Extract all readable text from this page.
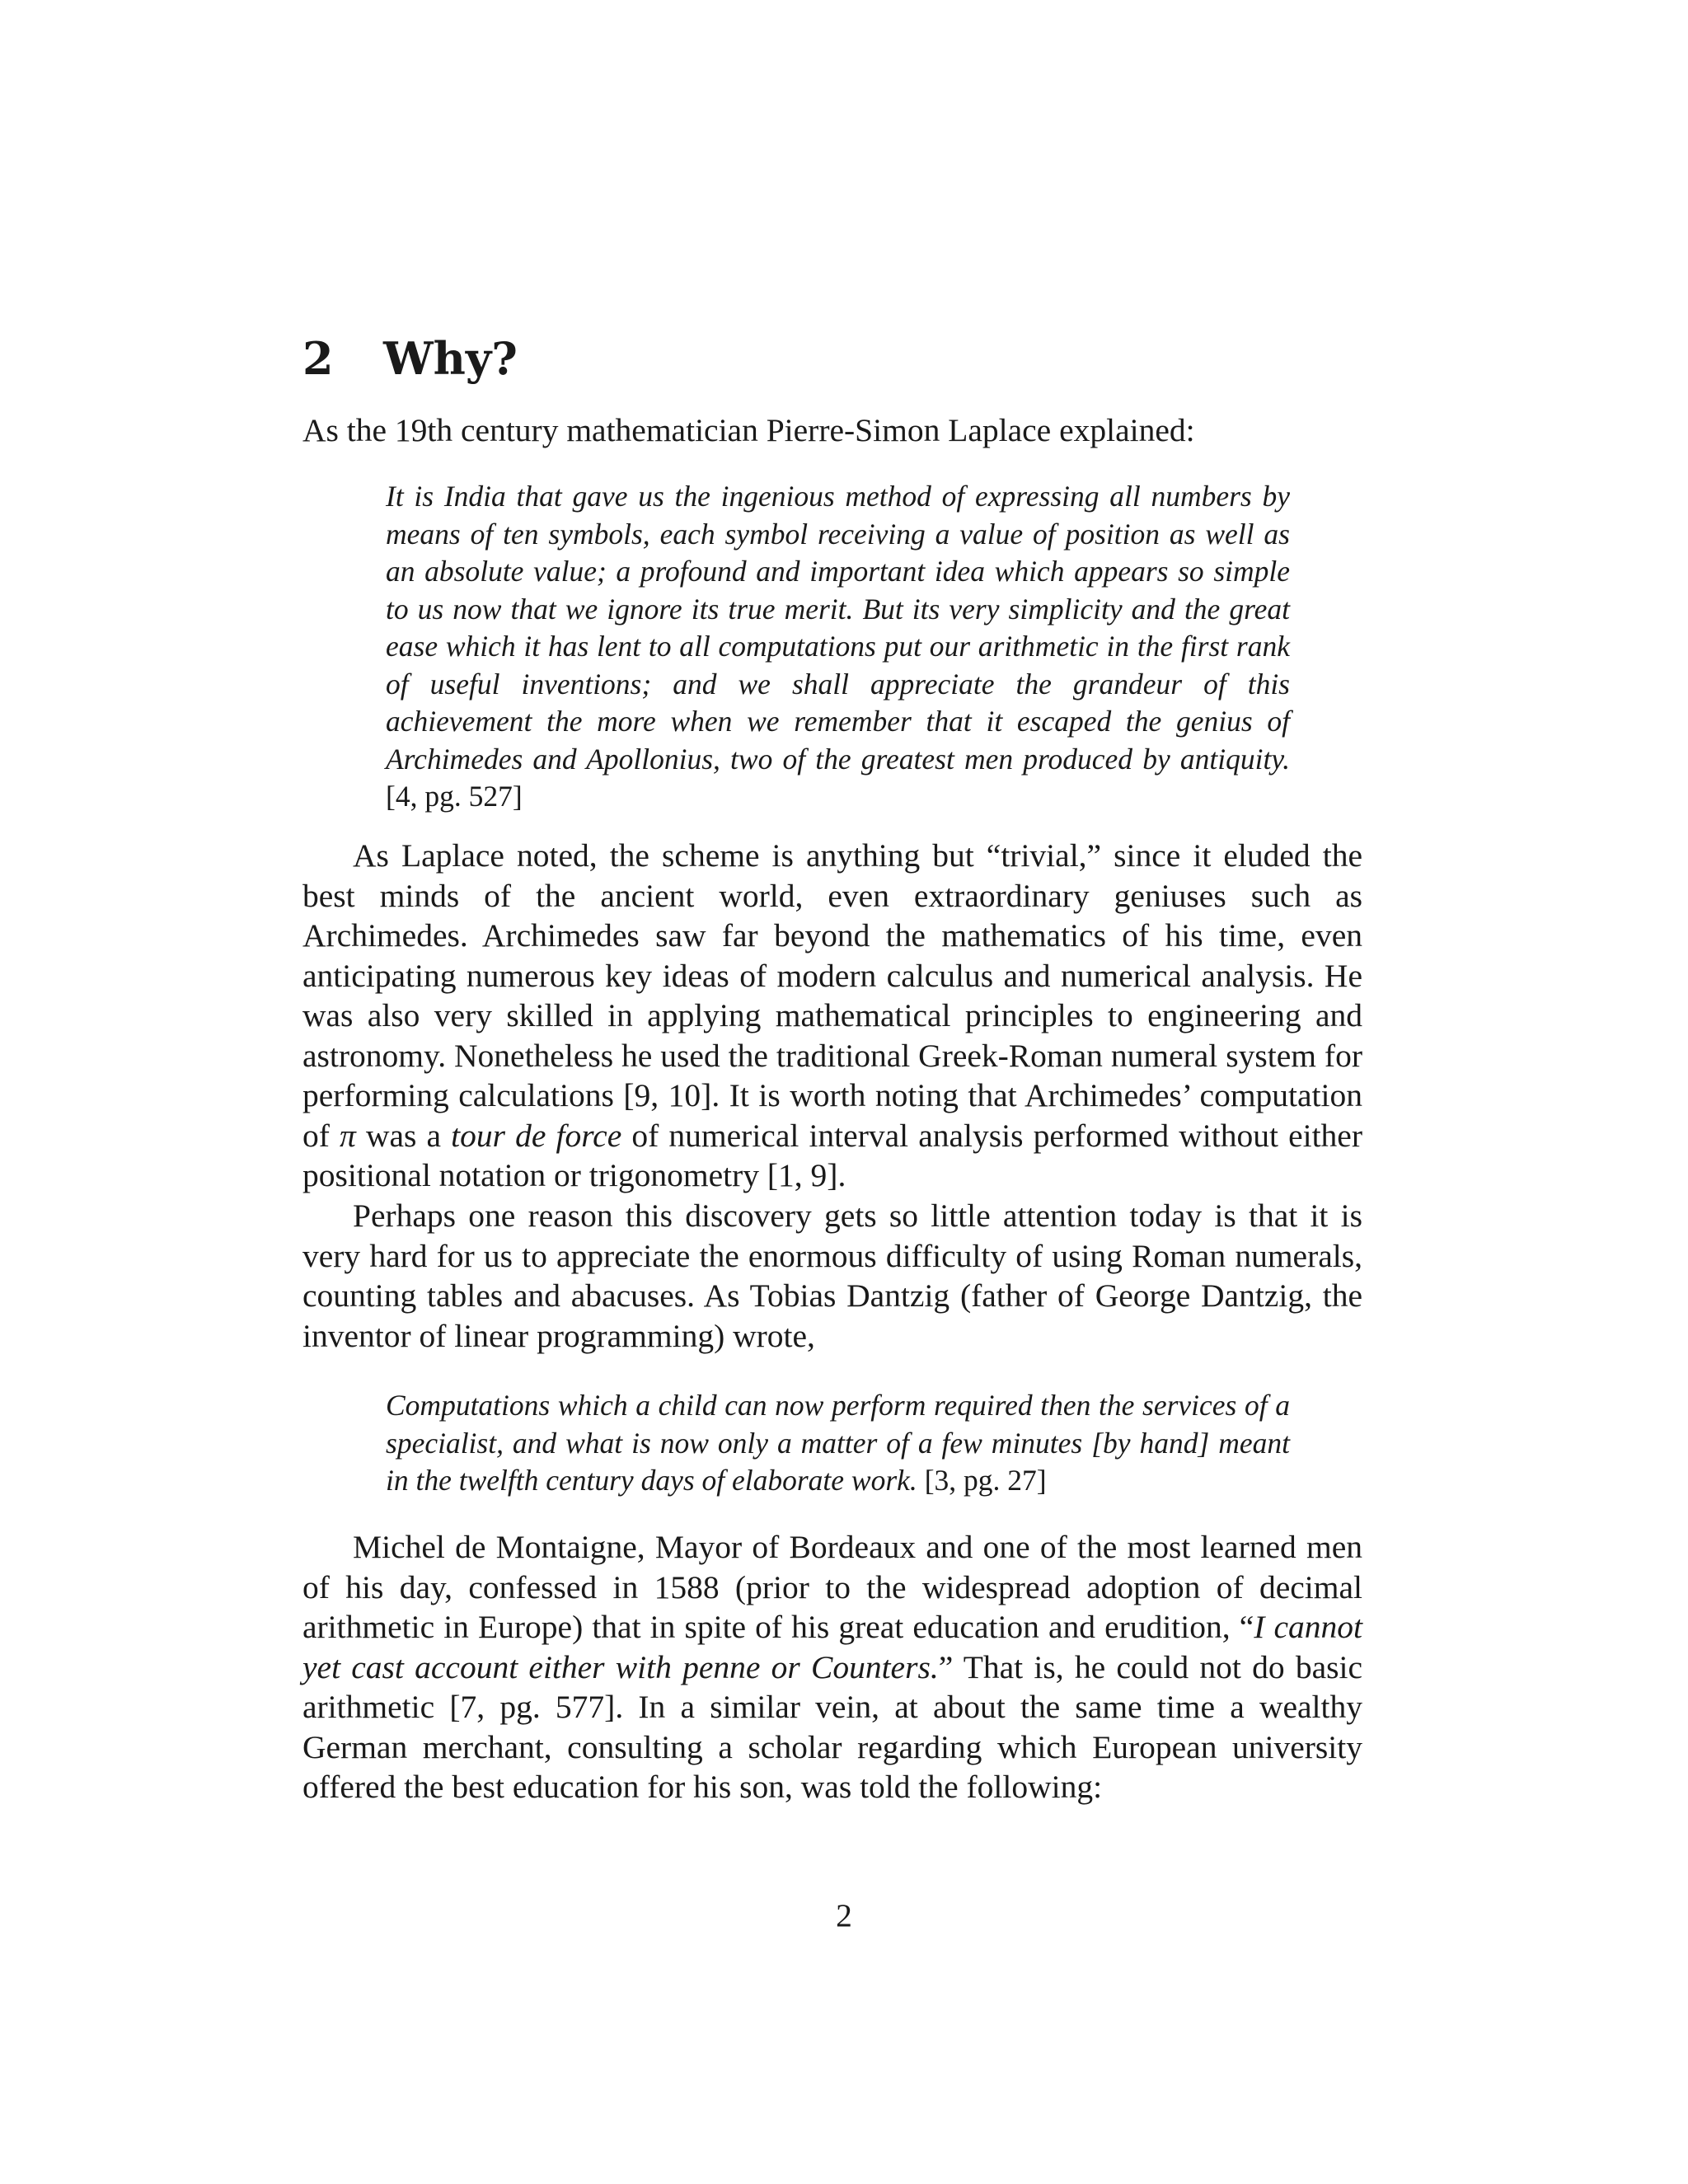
2 Why?

As the 19th century mathematician Pierre-Simon Laplace explained:

It is India that gave us the ingenious method of expressing all numbers by means of ten symbols, each symbol receiving a value of position as well as an absolute value; a profound and important idea which appears so simple to us now that we ignore its true merit. But its very simplicity and the great ease which it has lent to all computations put our arithmetic in the first rank of useful inventions; and we shall appreciate the grandeur of this achievement the more when we remember that it escaped the genius of Archimedes and Apollonius, two of the greatest men produced by antiquity. [4, pg. 527]

As Laplace noted, the scheme is anything but “trivial,” since it eluded the best minds of the ancient world, even extraordinary geniuses such as Archimedes. Archimedes saw far beyond the mathematics of his time, even anticipating numerous key ideas of modern calculus and numerical analysis. He was also very skilled in applying mathematical principles to engineering and astronomy. Nonetheless he used the traditional Greek-Roman numeral system for performing calculations [9, 10]. It is worth noting that Archimedes’ computation of π was a tour de force of numerical interval analysis performed without either positional notation or trigonometry [1, 9].

Perhaps one reason this discovery gets so little attention today is that it is very hard for us to appreciate the enormous difficulty of using Roman numerals, counting tables and abacuses. As Tobias Dantzig (father of George Dantzig, the inventor of linear programming) wrote,

Computations which a child can now perform required then the services of a specialist, and what is now only a matter of a few minutes [by hand] meant in the twelfth century days of elaborate work. [3, pg. 27]

Michel de Montaigne, Mayor of Bordeaux and one of the most learned men of his day, confessed in 1588 (prior to the widespread adoption of decimal arithmetic in Europe) that in spite of his great education and erudition, “I cannot yet cast account either with penne or Counters.” That is, he could not do basic arithmetic [7, pg. 577]. In a similar vein, at about the same time a wealthy German merchant, consulting a scholar regarding which European university offered the best education for his son, was told the following:

2
